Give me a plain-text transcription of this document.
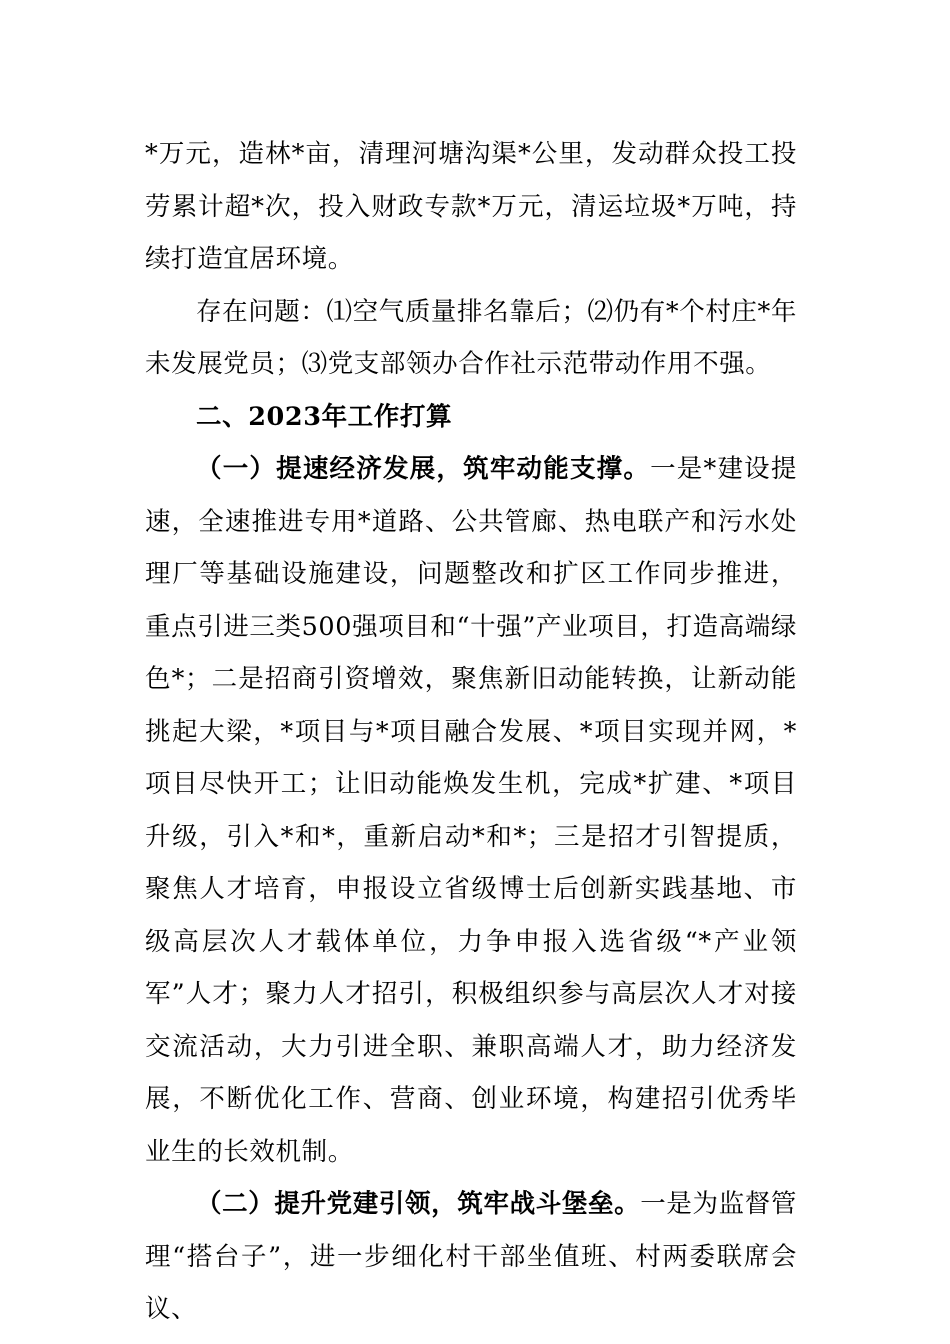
*万元，造林*亩，清理河塘沟渠*公里，发动群众投工投劳累计超*次，投入财政专款*万元，清运垃圾*万吨，持续打造宜居环境。

存在问题：⑴空气质量排名靠后；⑵仍有*个村庄*年未发展党员；⑶党支部领办合作社示范带动作用不强。

二、2023年工作打算

（一）提速经济发展，筑牢动能支撑。一是*建设提速，全速推进专用*道路、公共管廊、热电联产和污水处理厂等基础设施建设，问题整改和扩区工作同步推进，重点引进三类500强项目和“十强”产业项目，打造高端绿色*；二是招商引资增效，聚焦新旧动能转换，让新动能挑起大梁，*项目与*项目融合发展、*项目实现并网，*项目尽快开工；让旧动能焕发生机，完成*扩建、*项目升级，引入*和*，重新启动*和*；三是招才引智提质，聚焦人才培育，申报设立省级博士后创新实践基地、市级高层次人才载体单位，力争申报入选省级“*产业领军”人才；聚力人才招引，积极组织参与高层次人才对接交流活动，大力引进全职、兼职高端人才，助力经济发展，不断优化工作、营商、创业环境，构建招引优秀毕业生的长效机制。

（二）提升党建引领，筑牢战斗堡垒。一是为监督管理“搭台子”，进一步细化村干部坐值班、村两委联席会议、
